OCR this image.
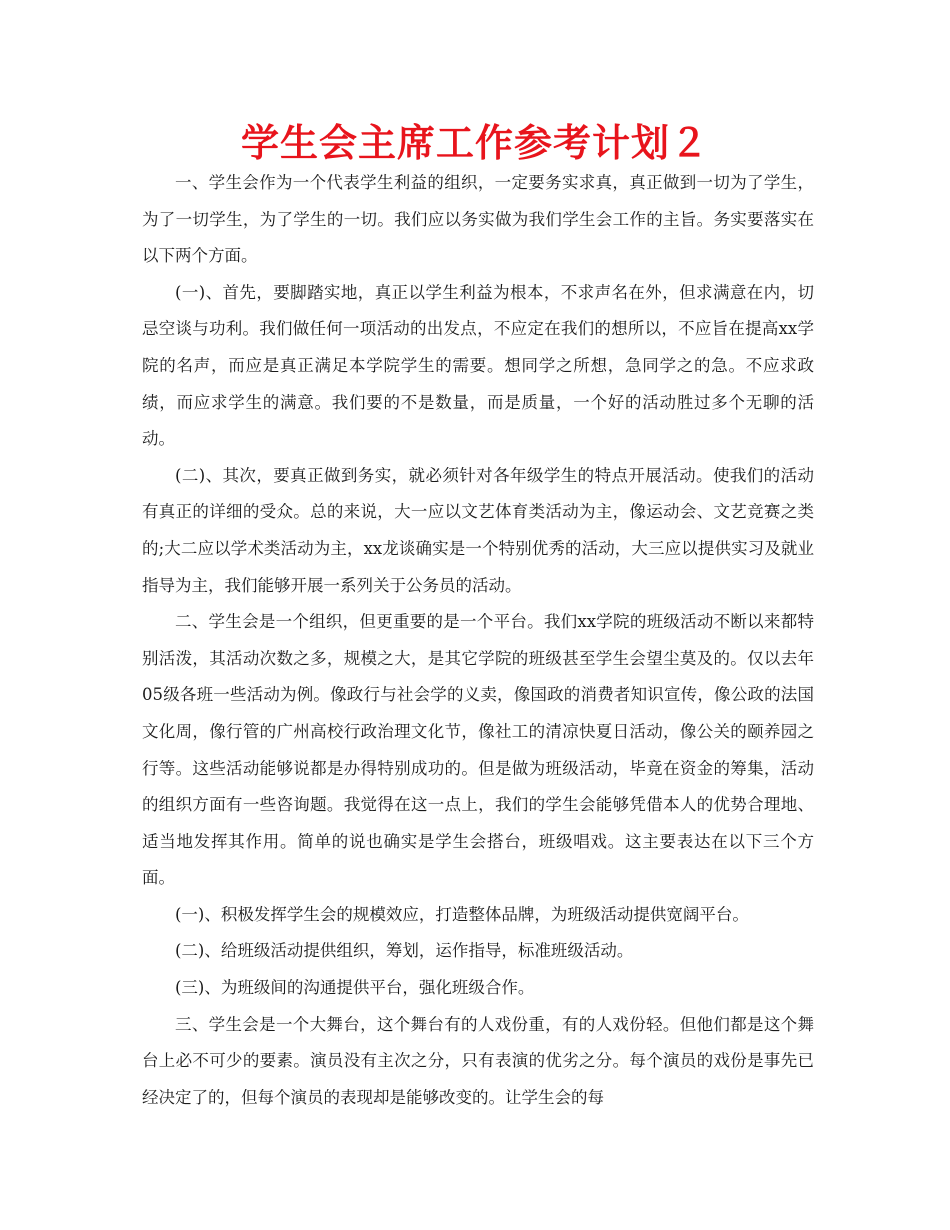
学生会主席工作参考计划２

一、学生会作为一个代表学生利益的组织，一定要务实求真，真正做到一切为了学生，为了一切学生，为了学生的一切。我们应以务实做为我们学生会工作的主旨。务实要落实在以下两个方面。

(一)、首先，要脚踏实地，真正以学生利益为根本，不求声名在外，但求满意在内，切忌空谈与功利。我们做任何一项活动的出发点，不应定在我们的想所以，不应旨在提高xx学院的名声，而应是真正满足本学院学生的需要。想同学之所想，急同学之的急。不应求政绩，而应求学生的满意。我们要的不是数量，而是质量，一个好的活动胜过多个无聊的活动。

(二)、其次，要真正做到务实，就必须针对各年级学生的特点开展活动。使我们的活动有真正的详细的受众。总的来说，大一应以文艺体育类活动为主，像运动会、文艺竞赛之类的;大二应以学术类活动为主，xx龙谈确实是一个特别优秀的活动，大三应以提供实习及就业指导为主，我们能够开展一系列关于公务员的活动。

二、学生会是一个组织，但更重要的是一个平台。我们xx学院的班级活动不断以来都特别活泼，其活动次数之多，规模之大，是其它学院的班级甚至学生会望尘莫及的。仅以去年05级各班一些活动为例。像政行与社会学的义卖，像国政的消费者知识宣传，像公政的法国文化周，像行管的广州高校行政治理文化节，像社工的清凉快夏日活动，像公关的颐养园之行等。这些活动能够说都是办得特别成功的。但是做为班级活动，毕竟在资金的筹集，活动的组织方面有一些咨询题。我觉得在这一点上，我们的学生会能够凭借本人的优势合理地、适当地发挥其作用。简单的说也确实是学生会搭台，班级唱戏。这主要表达在以下三个方面。

(一)、积极发挥学生会的规模效应，打造整体品牌，为班级活动提供宽阔平台。

(二)、给班级活动提供组织，筹划，运作指导，标准班级活动。

(三)、为班级间的沟通提供平台，强化班级合作。

三、学生会是一个大舞台，这个舞台有的人戏份重，有的人戏份轻。但他们都是这个舞台上必不可少的要素。演员没有主次之分，只有表演的优劣之分。每个演员的戏份是事先已经决定了的，但每个演员的表现却是能够改变的。让学生会的每
